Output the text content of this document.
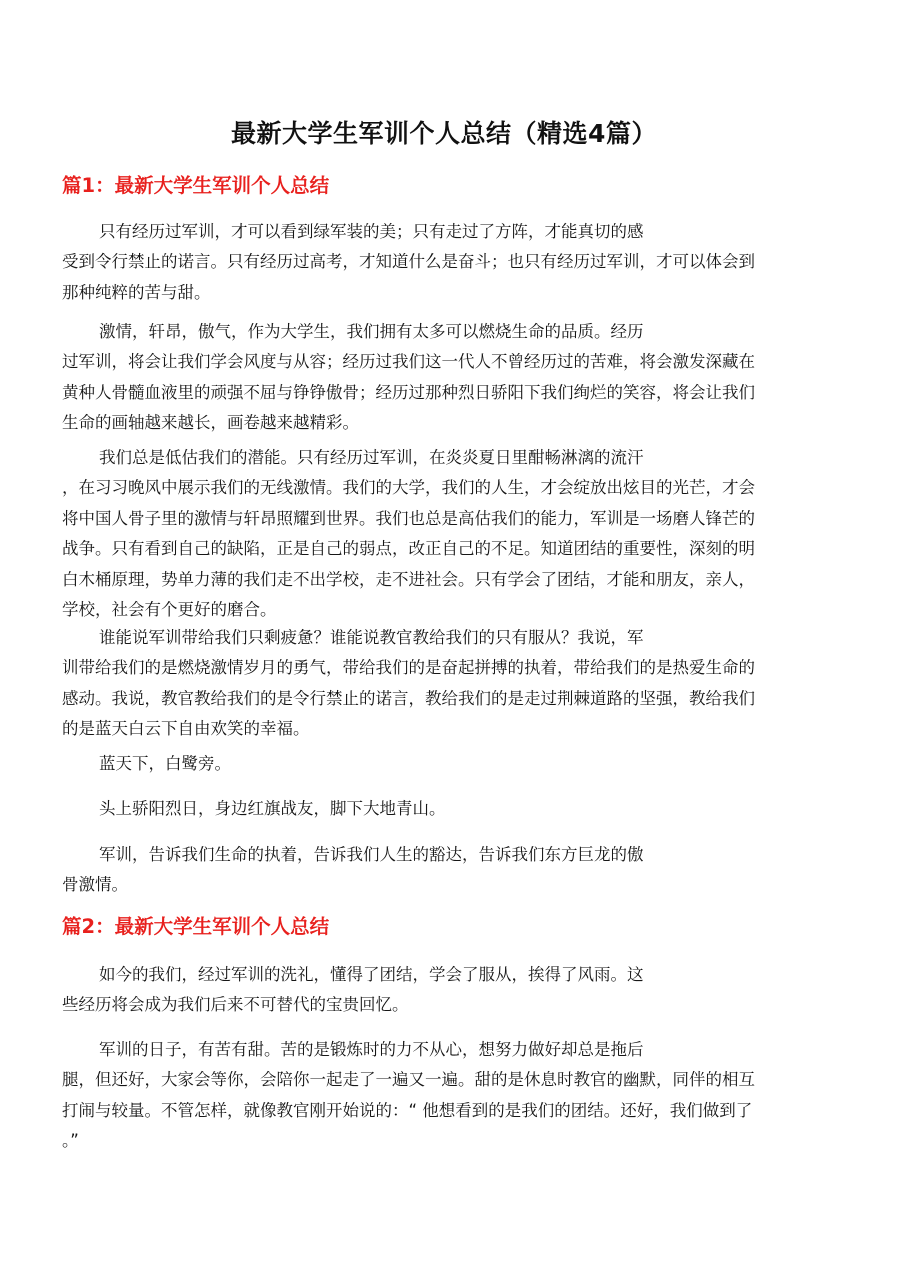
最新大学生军训个人总结（精选4篇）
篇1：最新大学生军训个人总结
只有经历过军训，才可以看到绿军装的美；只有走过了方阵，才能真切的感
受到令行禁止的诺言。只有经历过高考，才知道什么是奋斗；也只有经历过军训，才可以体会到
那种纯粹的苦与甜。
激情，轩昂，傲气，作为大学生，我们拥有太多可以燃烧生命的品质。经历
过军训，将会让我们学会风度与从容；经历过我们这一代人不曾经历过的苦难，将会激发深藏在
黄种人骨髓血液里的顽强不屈与铮铮傲骨；经历过那种烈日骄阳下我们绚烂的笑容，将会让我们
生命的画轴越来越长，画卷越来越精彩。
我们总是低估我们的潜能。只有经历过军训，在炎炎夏日里酣畅淋漓的流汗
，在习习晚风中展示我们的无线激情。我们的大学，我们的人生，才会绽放出炫目的光芒，才会
将中国人骨子里的激情与轩昂照耀到世界。我们也总是高估我们的能力，军训是一场磨人锋芒的
战争。只有看到自己的缺陷，正是自己的弱点，改正自己的不足。知道团结的重要性，深刻的明
白木桶原理，势单力薄的我们走不出学校，走不进社会。只有学会了团结，才能和朋友，亲人，
学校，社会有个更好的磨合。
谁能说军训带给我们只剩疲惫？谁能说教官教给我们的只有服从？我说，军
训带给我们的是燃烧激情岁月的勇气，带给我们的是奋起拼搏的执着，带给我们的是热爱生命的
感动。我说，教官教给我们的是令行禁止的诺言，教给我们的是走过荆棘道路的坚强，教给我们
的是蓝天白云下自由欢笑的幸福。
蓝天下，白鹭旁。
头上骄阳烈日，身边红旗战友，脚下大地青山。
军训，告诉我们生命的执着，告诉我们人生的豁达，告诉我们东方巨龙的傲
骨激情。
篇2：最新大学生军训个人总结
如今的我们，经过军训的洗礼，懂得了团结，学会了服从，挨得了风雨。这
些经历将会成为我们后来不可替代的宝贵回忆。
军训的日子，有苦有甜。苦的是锻炼时的力不从心，想努力做好却总是拖后
腿，但还好，大家会等你，会陪你一起走了一遍又一遍。甜的是休息时教官的幽默，同伴的相互
打闹与较量。不管怎样，就像教官刚开始说的：“ 他想看到的是我们的团结。还好，我们做到了
。”
